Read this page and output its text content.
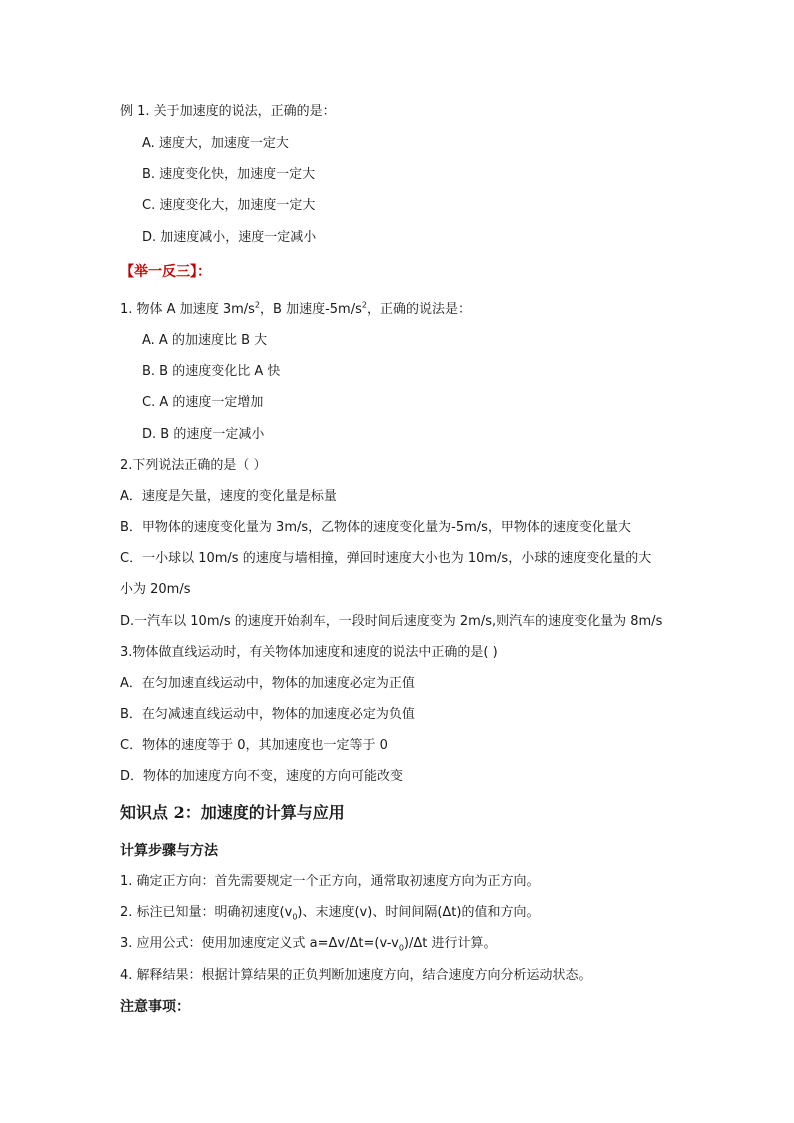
例 1. 关于加速度的说法，正确的是：
A. 速度大，加速度一定大
B. 速度变化快，加速度一定大
C. 速度变化大，加速度一定大
D. 加速度减小，速度一定减小
【举一反三】：
1. 物体 A 加速度 $3m/s^2$，B 加速度$-5m/s^2$，正确的说法是：
A. A 的加速度比 B 大
B. B 的速度变化比 A 快
C. A 的速度一定增加
D. B 的速度一定减小
2.下列说法正确的是（ ）
A．速度是矢量，速度的变化量是标量
B．甲物体的速度变化量为 3m/s，乙物体的速度变化量为-5m/s，甲物体的速度变化量大
C．一小球以 10m/s 的速度与墙相撞，弹回时速度大小也为 10m/s，小球的速度变化量的大
小为 20m/s
D.一汽车以 10m/s 的速度开始刹车，一段时间后速度变为 2m/s,则汽车的速度变化量为 8m/s
3.物体做直线运动时，有关物体加速度和速度的说法中正确的是( )
A．在匀加速直线运动中，物体的加速度必定为正值
B．在匀减速直线运动中，物体的加速度必定为负值
C．物体的速度等于 0，其加速度也一定等于 0
D．物体的加速度方向不变，速度的方向可能改变
知识点 2：加速度的计算与应用
计算步骤与方法
1. 确定正方向：首先需要规定一个正方向，通常取初速度方向为正方向。
2. 标注已知量：明确初速度$(v_0)$、末速度(v)、时间间隔(Δt)的值和方向。
3. 应用公式：使用加速度定义式 $a=\Delta v/\Delta t=(v-v_0)/\Delta t$ 进行计算。
4. 解释结果：根据计算结果的正负判断加速度方向，结合速度方向分析运动状态。
注意事项：
